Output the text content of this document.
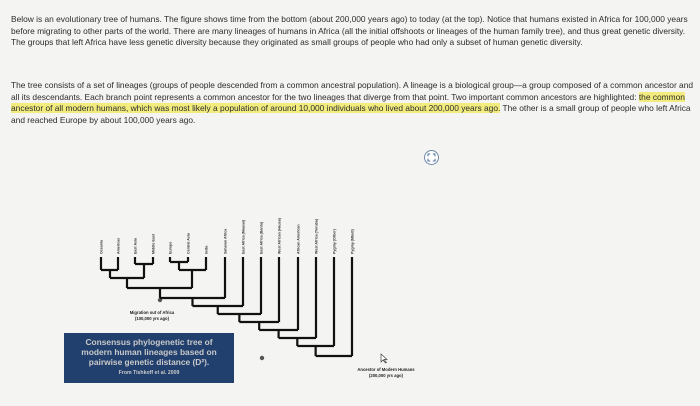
Below is an evolutionary tree of humans. The figure shows time from the bottom (about 200,000 years ago) to today (at the top). Notice that humans existed in Africa for 100,000 years before migrating to other parts of the world. There are many lineages of humans in Africa (all the initial offshoots or lineages of the human family tree), and thus great genetic diversity. The groups that left Africa have less genetic diversity because they originated as small groups of people who had only a subset of human genetic diversity.

The tree consists of a set of lineages (groups of people descended from a common ancestral population). A lineage is a biological group—a group composed of a common ancestor and all its descendants. Each branch point represents a common ancestor for the two lineages that diverge from that point. Two important common ancestors are highlighted: the common ancestor of all modern humans, which was most likely a population of around 10,000 individuals who lived about 200,000 years ago. The other is a small group of people who left Africa and reached Europe by about 100,000 years ago.

Oceania	Americas	East Asia	Middle East	Europe	Central Asia	India	Saharan Africa	East Africa (Maasai)	East Africa (Bantu)	West African (Hausa)	African American	West Africa (Yoruba)	Pygmy (Other)	Pygmy (Mbuti)
Migration out of Africa
(100,000 yrs ago)
Consensus phylogenetic tree of
modern human lineages based on
pairwise genetic distance (D²).
From Tishkoff et al. 2009
Ancestor of Modern Humans
(200,000 yrs ago)
